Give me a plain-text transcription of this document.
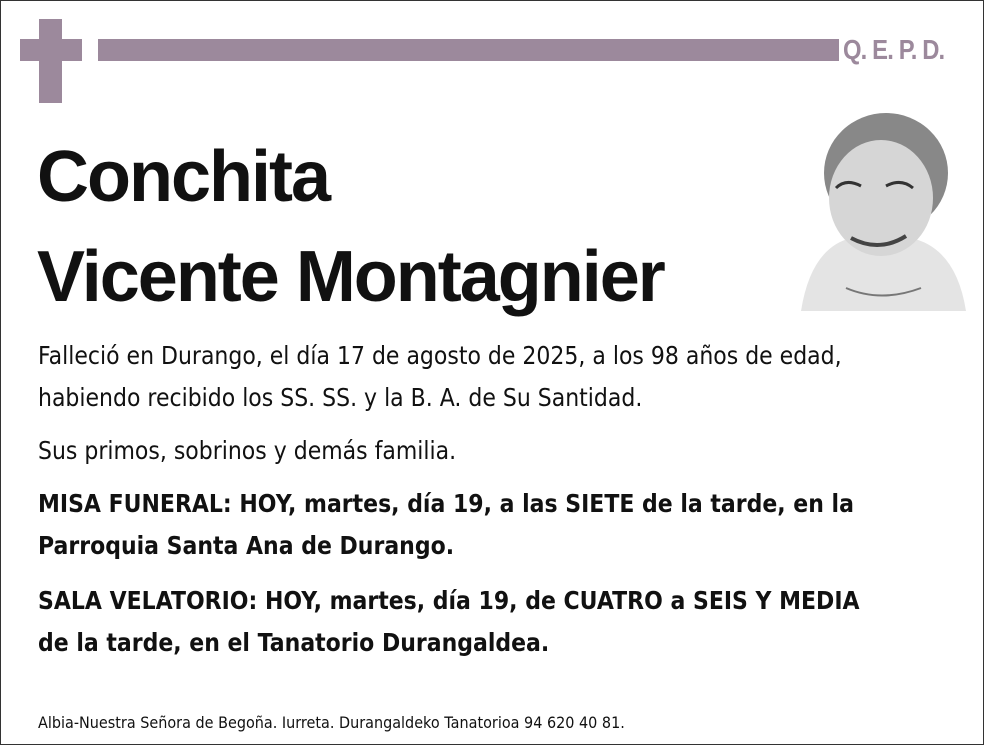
Q. E. P. D.
Conchita
Vicente Montagnier
Falleció en Durango, el día 17 de agosto de 2025, a los 98 años de edad,
habiendo recibido los SS. SS. y la B. A. de Su Santidad.
Sus primos, sobrinos y demás familia.
MISA FUNERAL: HOY, martes, día 19, a las SIETE de la tarde, en la
Parroquia Santa Ana de Durango.
SALA VELATORIO: HOY, martes, día 19, de CUATRO a SEIS Y MEDIA
de la tarde, en el Tanatorio Durangaldea.
Albia-Nuestra Señora de Begoña. Iurreta. Durangaldeko Tanatorioa 94 620 40 81.
